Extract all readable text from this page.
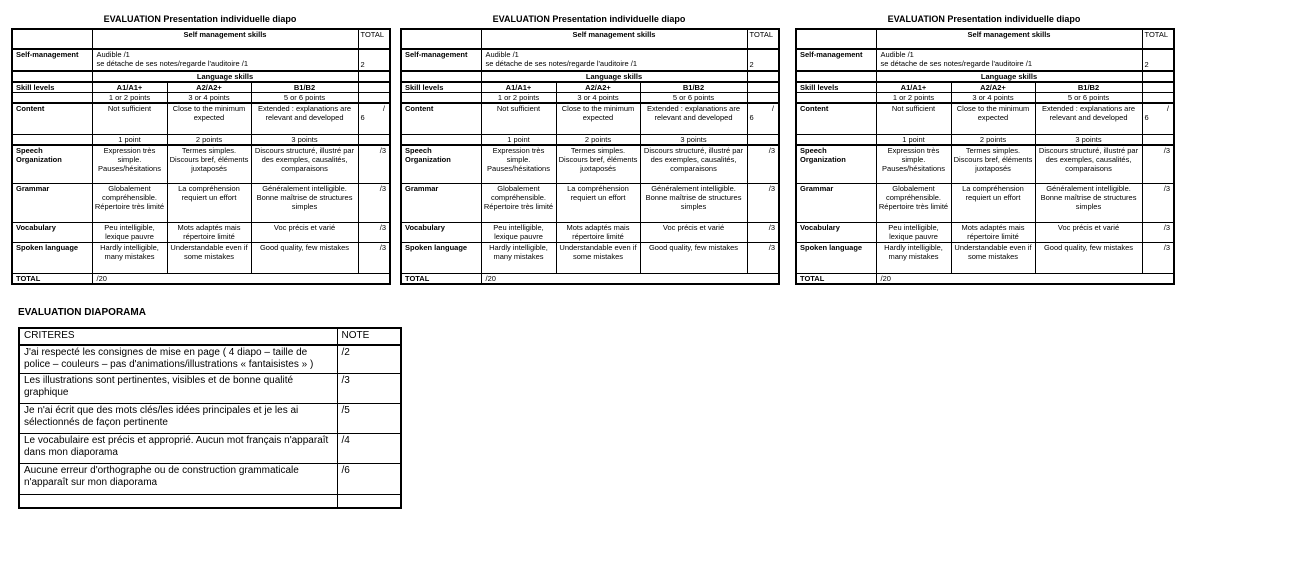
EVALUATION Presentation individuelle diapo
	Self management skills			TOTAL
Self-management	Audible /1
se détache de ses notes/regarde l'auditoire /1			2
	Language skills			
Skill levels	A1/A1+	A2/A2+	B1/B2	
	1 or 2 points	3 or 4 points	5 or 6 points	
Content	Not sufficient	Close to the minimum expected	Extended : explanations are relevant and developed	/
6

	1 point	2 points	3 points	
Speech Organization	Expression très simple. Pauses/hésitations	Termes simples. Discours bref, éléments juxtaposés	Discours structuré, illustré par des exemples, causalités, comparaisons	/3
Grammar	Globalement compréhensible. Répertoire très limité	La compréhension requiert un effort	Généralement intelligible. Bonne maîtrise de structures simples	/3
Vocabulary	Peu intelligible, lexique pauvre	Mots adaptés mais répertoire limité	Voc précis et varié	/3
Spoken language	Hardly intelligible, many mistakes	Understandable even if some mistakes	Good quality, few mistakes	/3
TOTAL	/20			
EVALUATION Presentation individuelle diapo
	Self management skills			TOTAL
Self-management	Audible /1
se détache de ses notes/regarde l'auditoire /1			2
	Language skills			
Skill levels	A1/A1+	A2/A2+	B1/B2	
	1 or 2 points	3 or 4 points	5 or 6 points	
Content	Not sufficient	Close to the minimum expected	Extended : explanations are relevant and developed	/
6

	1 point	2 points	3 points	
Speech Organization	Expression très simple. Pauses/hésitations	Termes simples. Discours bref, éléments juxtaposés	Discours structuré, illustré par des exemples, causalités, comparaisons	/3
Grammar	Globalement compréhensible. Répertoire très limité	La compréhension requiert un effort	Généralement intelligible. Bonne maîtrise de structures simples	/3
Vocabulary	Peu intelligible, lexique pauvre	Mots adaptés mais répertoire limité	Voc précis et varié	/3
Spoken language	Hardly intelligible, many mistakes	Understandable even if some mistakes	Good quality, few mistakes	/3
TOTAL	/20			
EVALUATION Presentation individuelle diapo
	Self management skills			TOTAL
Self-management	Audible /1
se détache de ses notes/regarde l'auditoire /1			2
	Language skills			
Skill levels	A1/A1+	A2/A2+	B1/B2	
	1 or 2 points	3 or 4 points	5 or 6 points	
Content	Not sufficient	Close to the minimum expected	Extended : explanations are relevant and developed	/
6

	1 point	2 points	3 points	
Speech Organization	Expression très simple. Pauses/hésitations	Termes simples. Discours bref, éléments juxtaposés	Discours structuré, illustré par des exemples, causalités, comparaisons	/3
Grammar	Globalement compréhensible. Répertoire très limité	La compréhension requiert un effort	Généralement intelligible. Bonne maîtrise de structures simples	/3
Vocabulary	Peu intelligible, lexique pauvre	Mots adaptés mais répertoire limité	Voc précis et varié	/3
Spoken language	Hardly intelligible, many mistakes	Understandable even if some mistakes	Good quality, few mistakes	/3
TOTAL	/20			
EVALUATION DIAPORAMA
CRITERES	NOTE
J'ai respecté les consignes de mise en page ( 4 diapo – taille de police – couleurs – pas d'animations/illustrations « fantaisistes » )	/2
Les illustrations sont pertinentes, visibles et de bonne qualité graphique	/3
Je n'ai écrit que des mots clés/les idées principales et je les ai sélectionnés de façon pertinente	/5
Le vocabulaire est précis et approprié. Aucun mot français n'apparaît dans mon diaporama	/4
Aucune erreur d'orthographe ou de construction grammaticale n'apparaît sur mon diaporama	/6
